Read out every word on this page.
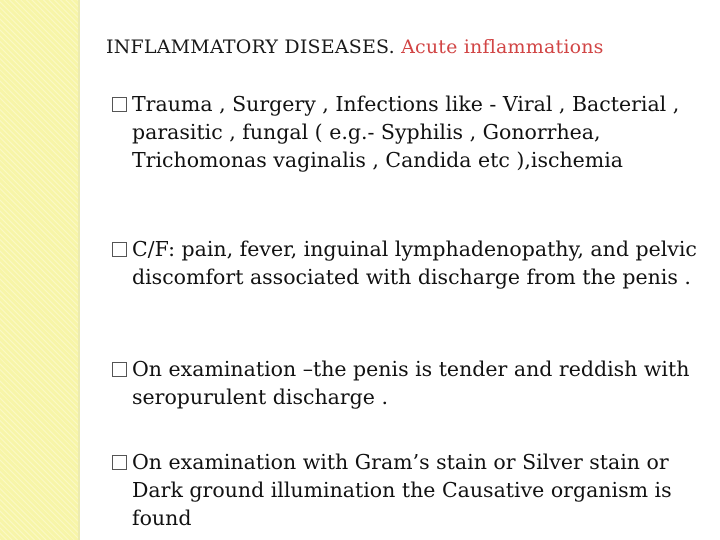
INFLAMMATORY DISEASES. Acute inflammations
Trauma , Surgery , Infections like - Viral , Bacterial , parasitic , fungal ( e.g.- Syphilis , Gonorrhea, Trichomonas vaginalis , Candida etc ),ischemia
C/F: pain, fever, inguinal lymphadenopathy, and pelvic discomfort associated with discharge from the penis .
On examination –the penis is tender and reddish with seropurulent discharge .
On examination with Gram’s stain or Silver stain or Dark ground illumination the Causative organism is found
